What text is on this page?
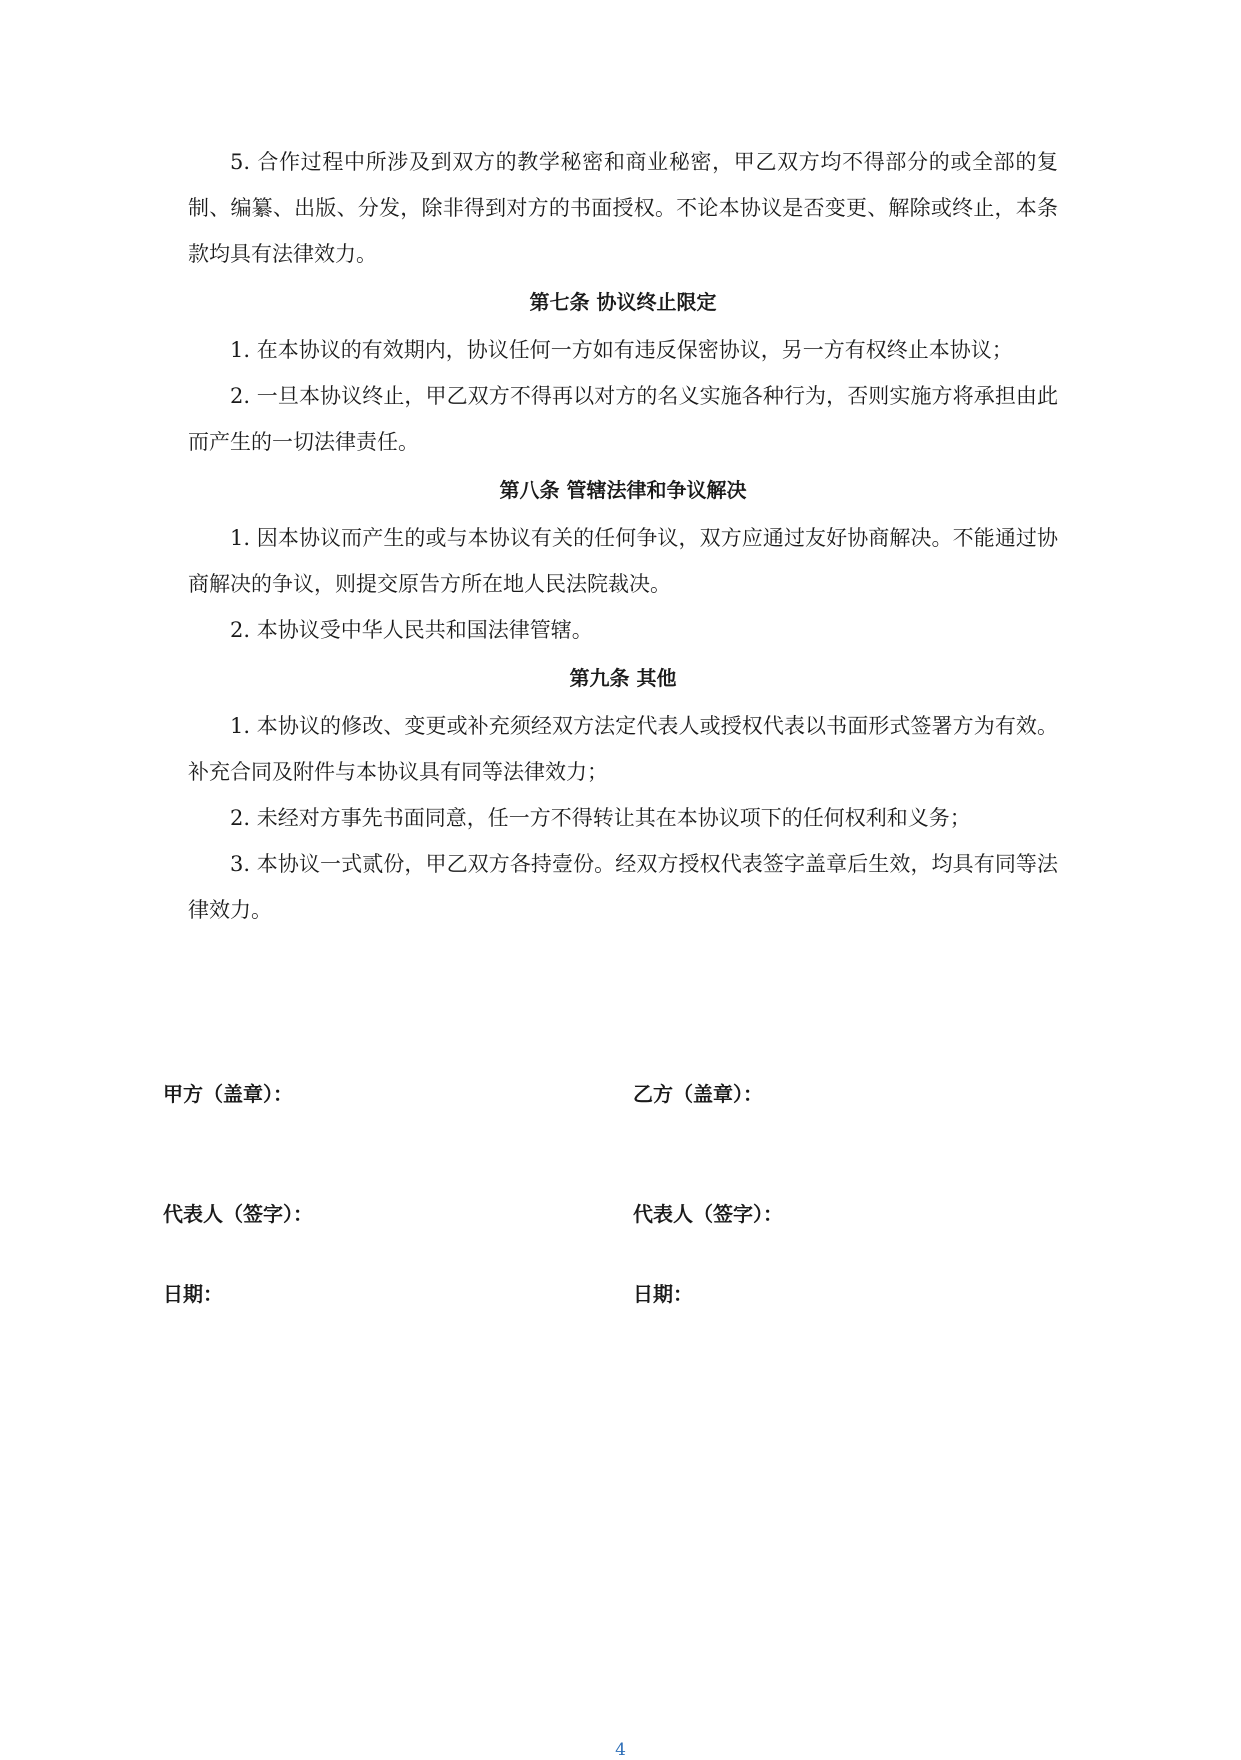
5. 合作过程中所涉及到双方的教学秘密和商业秘密，甲乙双方均不得部分的或全部的复制、编纂、出版、分发，除非得到对方的书面授权。不论本协议是否变更、解除或终止，本条款均具有法律效力。

第七条 协议终止限定

1. 在本协议的有效期内，协议任何一方如有违反保密协议，另一方有权终止本协议；

2. 一旦本协议终止，甲乙双方不得再以对方的名义实施各种行为，否则实施方将承担由此而产生的一切法律责任。

第八条 管辖法律和争议解决

1. 因本协议而产生的或与本协议有关的任何争议，双方应通过友好协商解决。不能通过协商解决的争议，则提交原告方所在地人民法院裁决。

2. 本协议受中华人民共和国法律管辖。

第九条 其他

1. 本协议的修改、变更或补充须经双方法定代表人或授权代表以书面形式签署方为有效。补充合同及附件与本协议具有同等法律效力；

2. 未经对方事先书面同意，任一方不得转让其在本协议项下的任何权利和义务；

3. 本协议一式贰份，甲乙双方各持壹份。经双方授权代表签字盖章后生效，均具有同等法律效力。

甲方（盖章）：	乙方（盖章）：
代表人（签字）：	代表人（签字）：
日期：	日期：
4
